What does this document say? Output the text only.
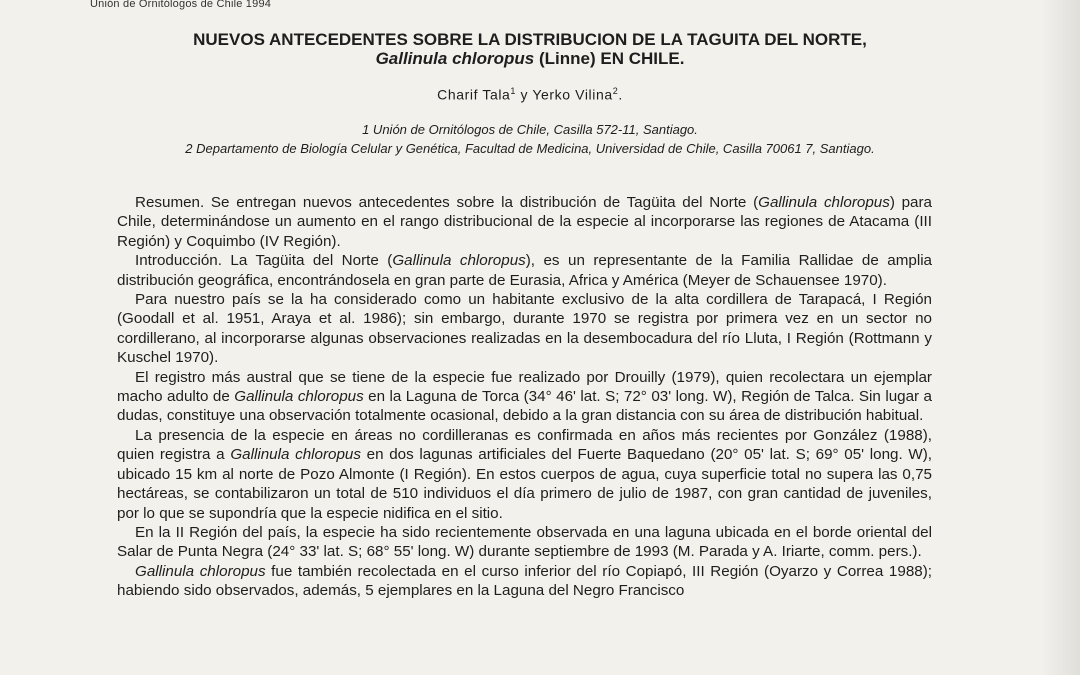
Unión de Ornitólogos de Chile 1994
NUEVOS ANTECEDENTES SOBRE LA DISTRIBUCION DE LA TAGUITA DEL NORTE,
Gallinula chloropus (Linne) EN CHILE.
Charif Tala$^1$ y Yerko Vilina$^2$.
1 Unión de Ornitólogos de Chile, Casilla 572-11, Santiago.
2 Departamento de Biología Celular y Genética, Facultad de Medicina, Universidad de Chile, Casilla 70061 7, Santiago.

Resumen. Se entregan nuevos antecedentes sobre la distribución de Tagüita del Norte (Gallinula chloropus) para Chile, determinándose un aumento en el rango distribucional de la especie al incorporarse las regiones de Atacama (III Región) y Coquimbo (IV Región).

Introducción. La Tagüita del Norte (Gallinula chloropus), es un representante de la Familia Rallidae de amplia distribución geográfica, encontrándosela en gran parte de Eurasia, Africa y América (Meyer de Schauensee 1970).

Para nuestro país se la ha considerado como un habitante exclusivo de la alta cordillera de Tarapacá, I Región (Goodall et al. 1951, Araya et al. 1986); sin embargo, durante 1970 se registra por primera vez en un sector no cordillerano, al incorporarse algunas observaciones realizadas en la desembocadura del río Lluta, I Región (Rottmann y Kuschel 1970).

El registro más austral que se tiene de la especie fue realizado por Drouilly (1979), quien recolectara un ejemplar macho adulto de Gallinula chloropus en la Laguna de Torca (34° 46' lat. S; 72° 03' long. W), Región de Talca. Sin lugar a dudas, constituye una observación totalmente ocasional, debido a la gran distancia con su área de distribución habitual.

La presencia de la especie en áreas no cordilleranas es confirmada en años más recientes por González (1988), quien registra a Gallinula chloropus en dos lagunas artificiales del Fuerte Baquedano (20° 05' lat. S; 69° 05' long. W), ubicado 15 km al norte de Pozo Almonte (I Región). En estos cuerpos de agua, cuya superficie total no supera las 0,75 hectáreas, se contabilizaron un total de 510 individuos el día primero de julio de 1987, con gran cantidad de juveniles, por lo que se supondría que la especie nidifica en el sitio.

En la II Región del país, la especie ha sido recientemente observada en una laguna ubicada en el borde oriental del Salar de Punta Negra (24° 33' lat. S; 68° 55' long. W) durante septiembre de 1993 (M. Parada y A. Iriarte, comm. pers.).

Gallinula chloropus fue también recolectada en el curso inferior del río Copiapó, III Región (Oyarzo y Correa 1988); habiendo sido observados, además, 5 ejemplares en la Laguna del Negro Francisco
